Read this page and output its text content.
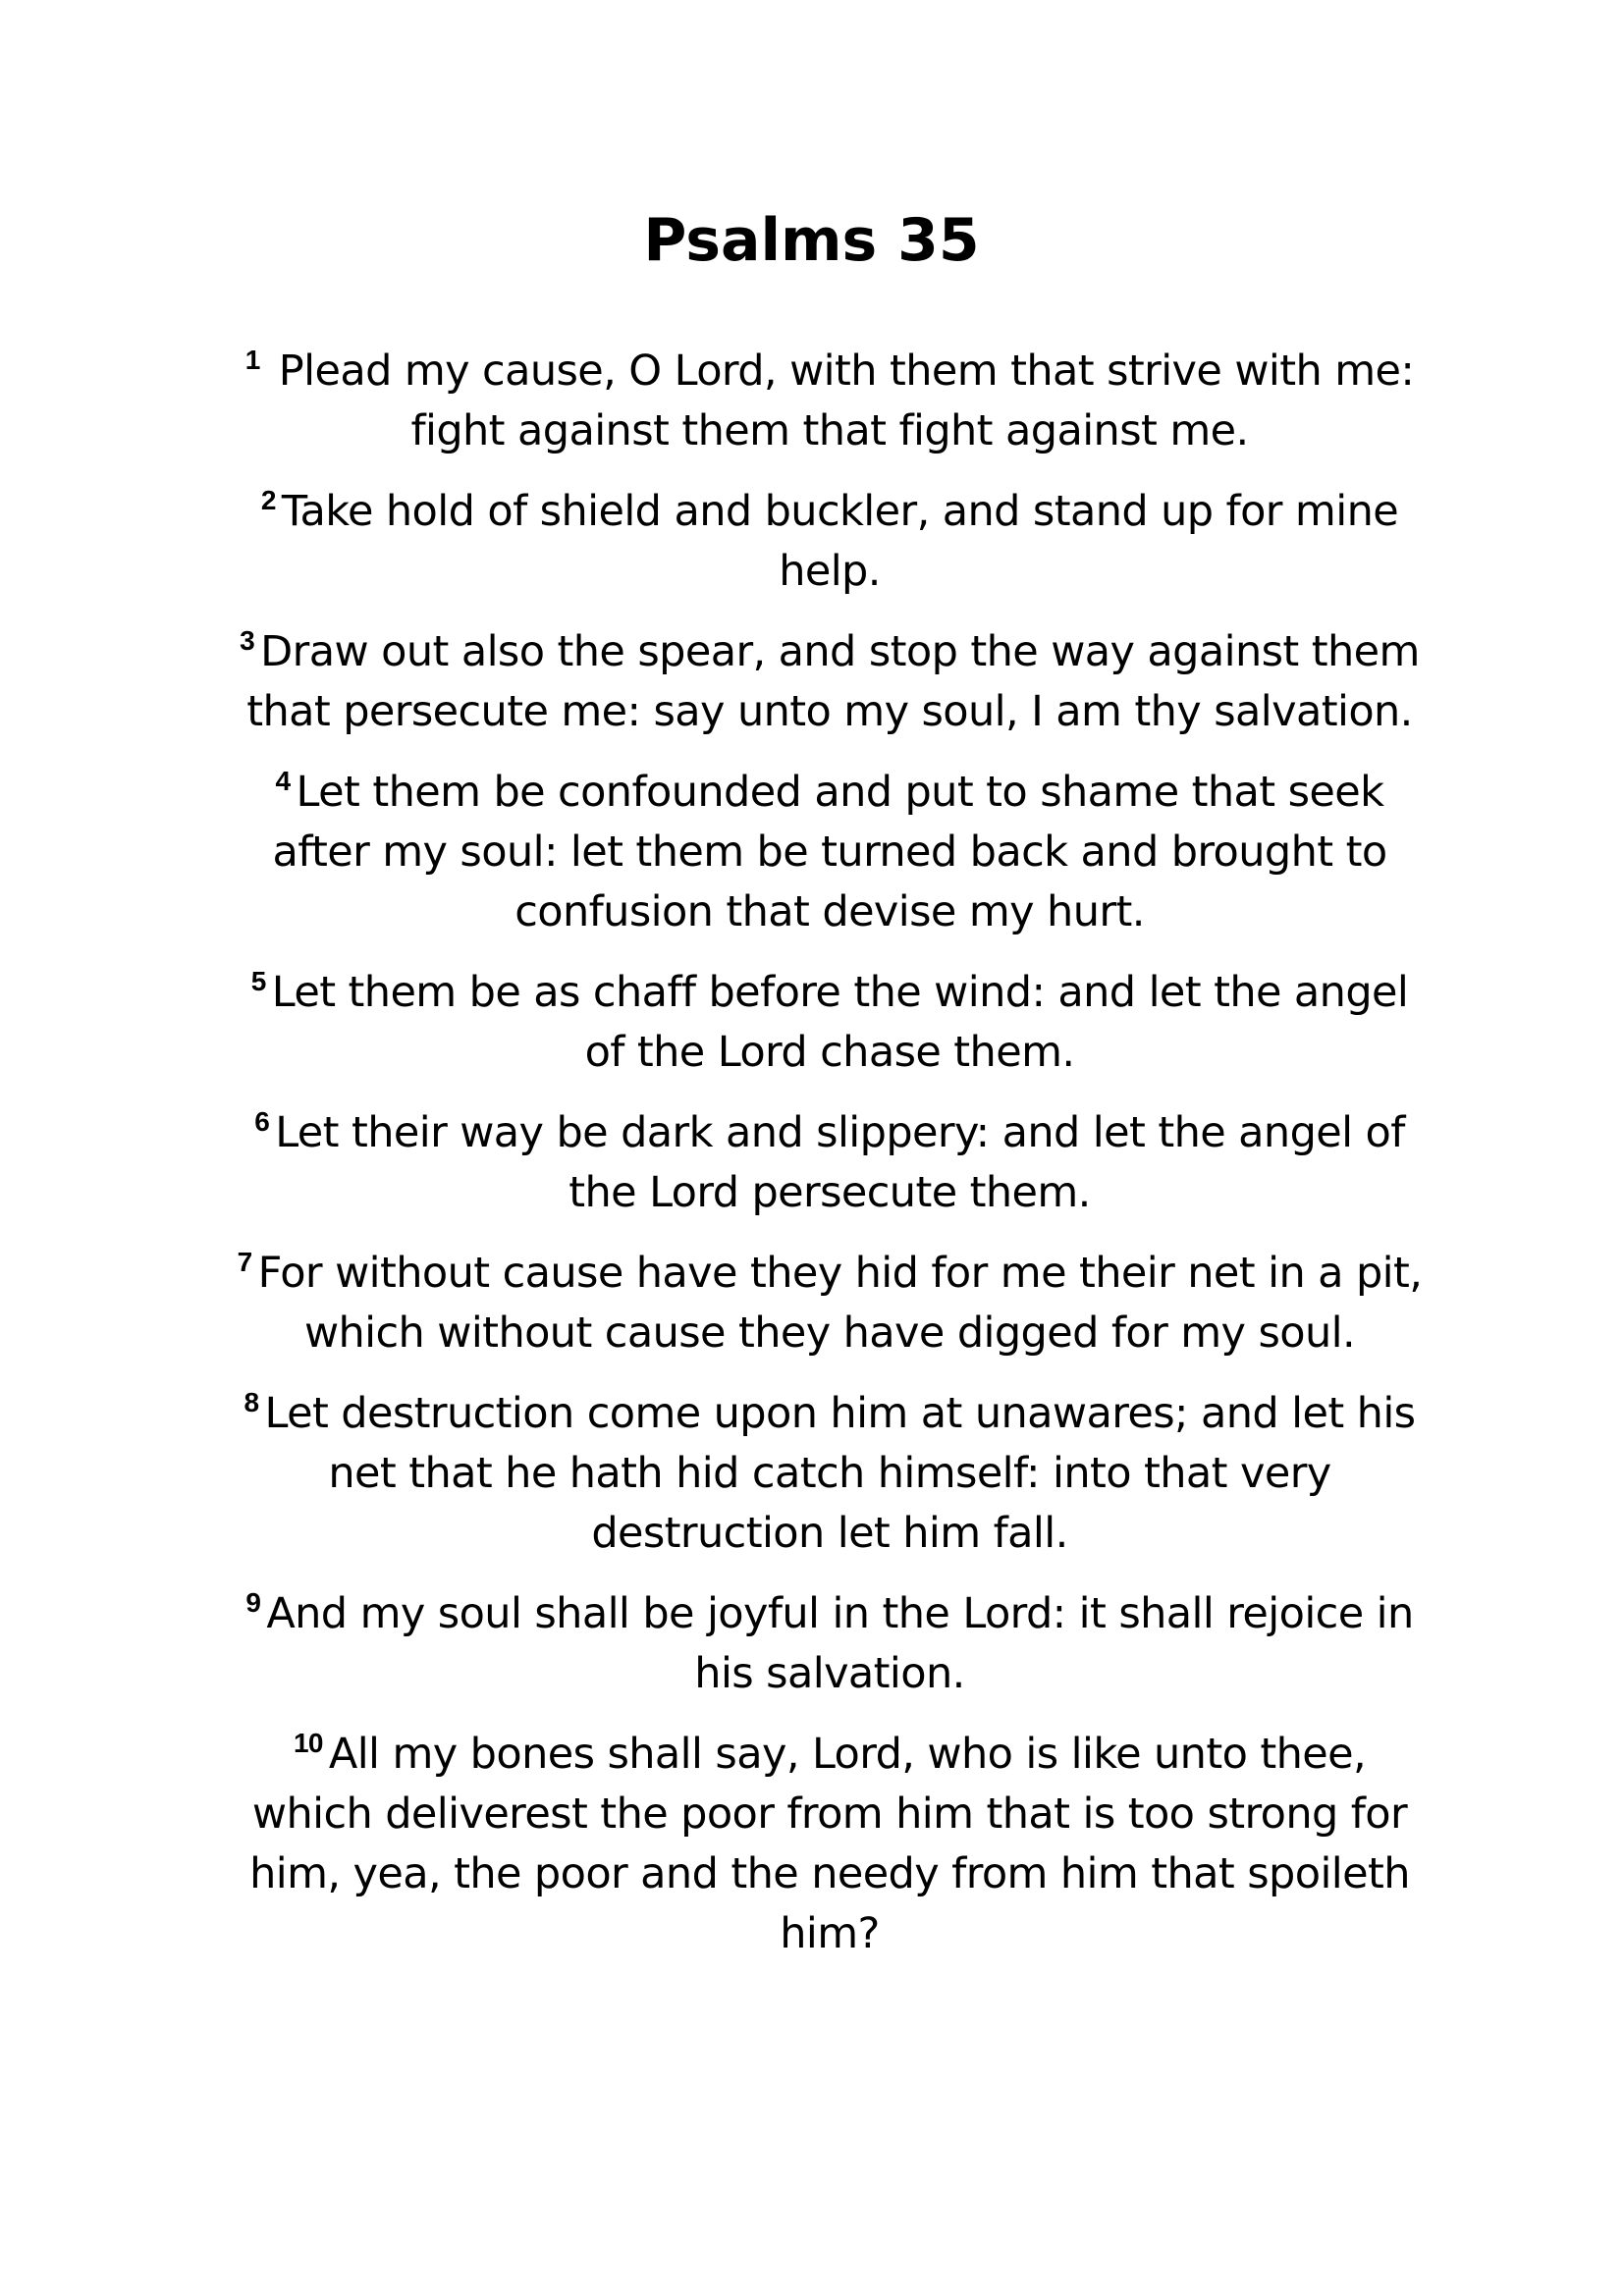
Psalms 35

$^1$ Plead my cause, O Lord, with them that strive with me: fight against them that fight against me.

$^2$ Take hold of shield and buckler, and stand up for mine help.

$^3$ Draw out also the spear, and stop the way against them that persecute me: say unto my soul, I am thy salvation.

$^4$ Let them be confounded and put to shame that seek after my soul: let them be turned back and brought to confusion that devise my hurt.

$^5$ Let them be as chaff before the wind: and let the angel of the Lord chase them.

$^6$ Let their way be dark and slippery: and let the angel of the Lord persecute them.

$^7$ For without cause have they hid for me their net in a pit, which without cause they have digged for my soul.

$^8$ Let destruction come upon him at unawares; and let his net that he hath hid catch himself: into that very destruction let him fall.

$^9$ And my soul shall be joyful in the Lord: it shall rejoice in his salvation.

$^{10}$ All my bones shall say, Lord, who is like unto thee, which deliverest the poor from him that is too strong for him, yea, the poor and the needy from him that spoileth him?
